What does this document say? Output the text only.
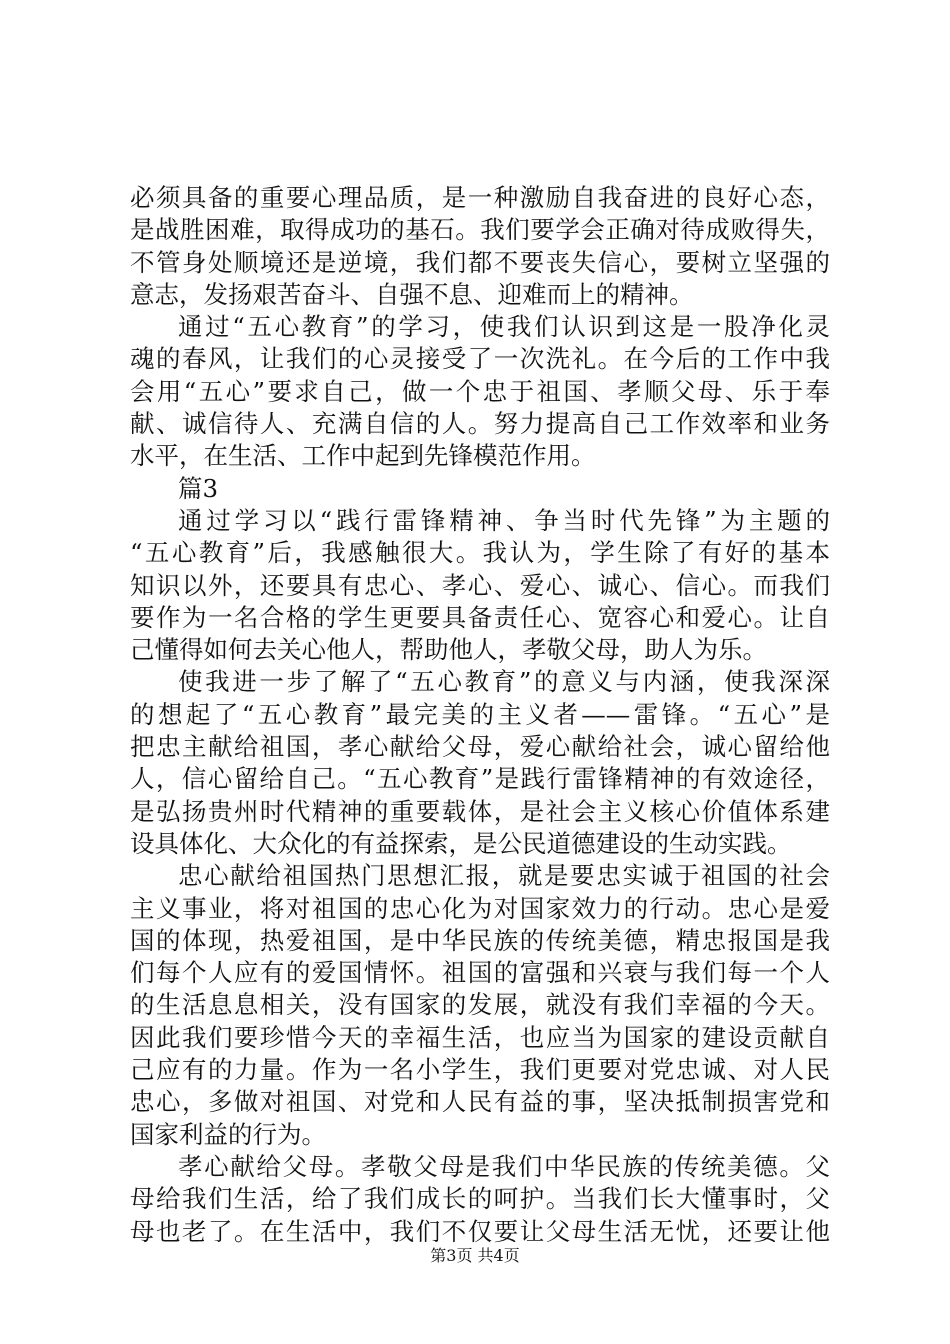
必须具备的重要心理品质，是一种激励自我奋进的良好心态，
是战胜困难，取得成功的基石。我们要学会正确对待成败得失，
不管身处顺境还是逆境，我们都不要丧失信心，要树立坚强的
意志，发扬艰苦奋斗、自强不息、迎难而上的精神。
通过“五心教育”的学习，使我们认识到这是一股净化灵
魂的春风，让我们的心灵接受了一次洗礼。在今后的工作中我
会用“五心”要求自己，做一个忠于祖国、孝顺父母、乐于奉
献、诚信待人、充满自信的人。努力提高自己工作效率和业务
水平，在生活、工作中起到先锋模范作用。
篇3
通过学习以“践行雷锋精神、争当时代先锋”为主题的
“五心教育”后，我感触很大。我认为，学生除了有好的基本
知识以外，还要具有忠心、孝心、爱心、诚心、信心。而我们
要作为一名合格的学生更要具备责任心、宽容心和爱心。让自
己懂得如何去关心他人，帮助他人，孝敬父母，助人为乐。
使我进一步了解了“五心教育”的意义与内涵，使我深深
的想起了“五心教育”最完美的主义者——雷锋。“五心”是
把忠主献给祖国，孝心献给父母，爱心献给社会，诚心留给他
人，信心留给自己。“五心教育”是践行雷锋精神的有效途径，
是弘扬贵州时代精神的重要载体，是社会主义核心价值体系建
设具体化、大众化的有益探索，是公民道德建设的生动实践。
忠心献给祖国热门思想汇报，就是要忠实诚于祖国的社会
主义事业，将对祖国的忠心化为对国家效力的行动。忠心是爱
国的体现，热爱祖国，是中华民族的传统美德，精忠报国是我
们每个人应有的爱国情怀。祖国的富强和兴衰与我们每一个人
的生活息息相关，没有国家的发展，就没有我们幸福的今天。
因此我们要珍惜今天的幸福生活，也应当为国家的建设贡献自
己应有的力量。作为一名小学生，我们更要对党忠诚、对人民
忠心，多做对祖国、对党和人民有益的事，坚决抵制损害党和
国家利益的行为。
孝心献给父母。孝敬父母是我们中华民族的传统美德。父
母给我们生活，给了我们成长的呵护。当我们长大懂事时，父
母也老了。在生活中，我们不仅要让父母生活无忧，还要让他
第3页 共4页
